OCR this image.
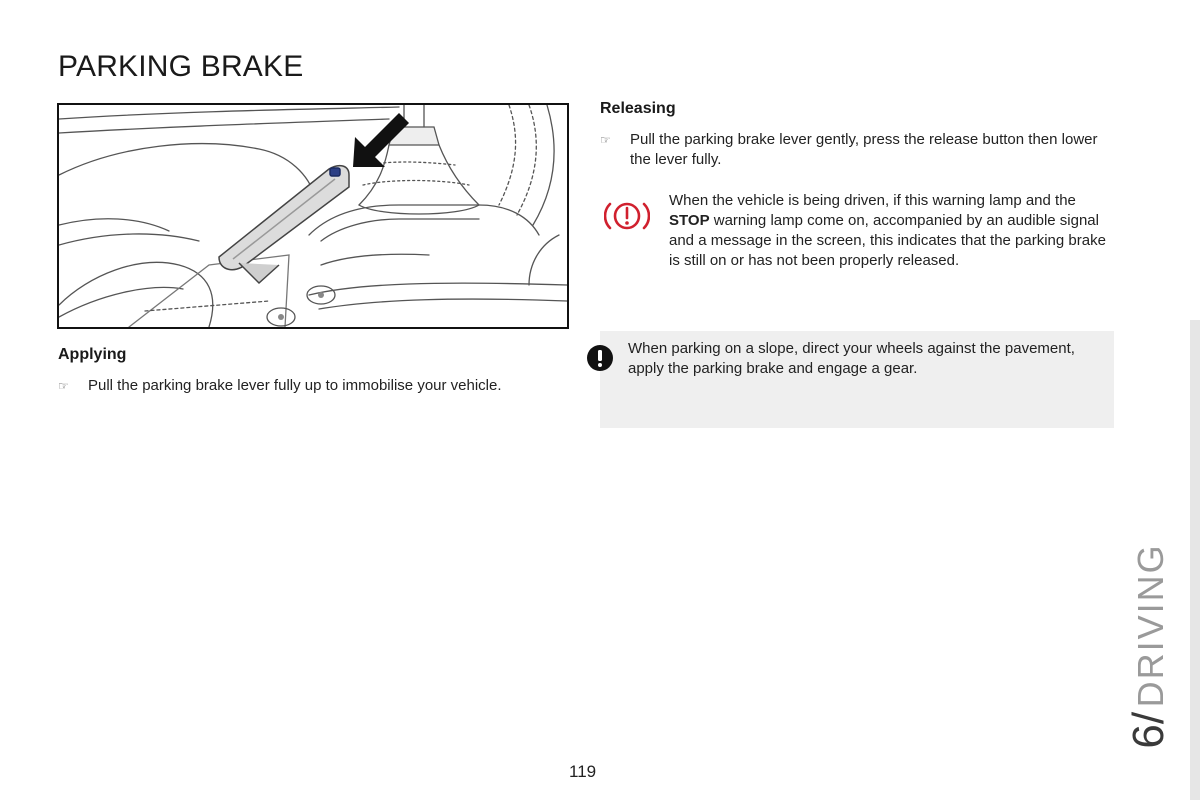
PARKING BRAKE
Applying
☞ Pull the parking brake lever fully up to immobilise your vehicle.
Releasing
☞ Pull the parking brake lever gently, press the release button then lower the lever fully.
When the vehicle is being driven, if this warning lamp and the STOP warning lamp come on, accompanied by an audible signal and a message in the screen, this indicates that the parking brake is still on or has not been properly released.
When parking on a slope, direct your wheels against the pavement, apply the parking brake and engage a gear.
6/ DRIVING
119
